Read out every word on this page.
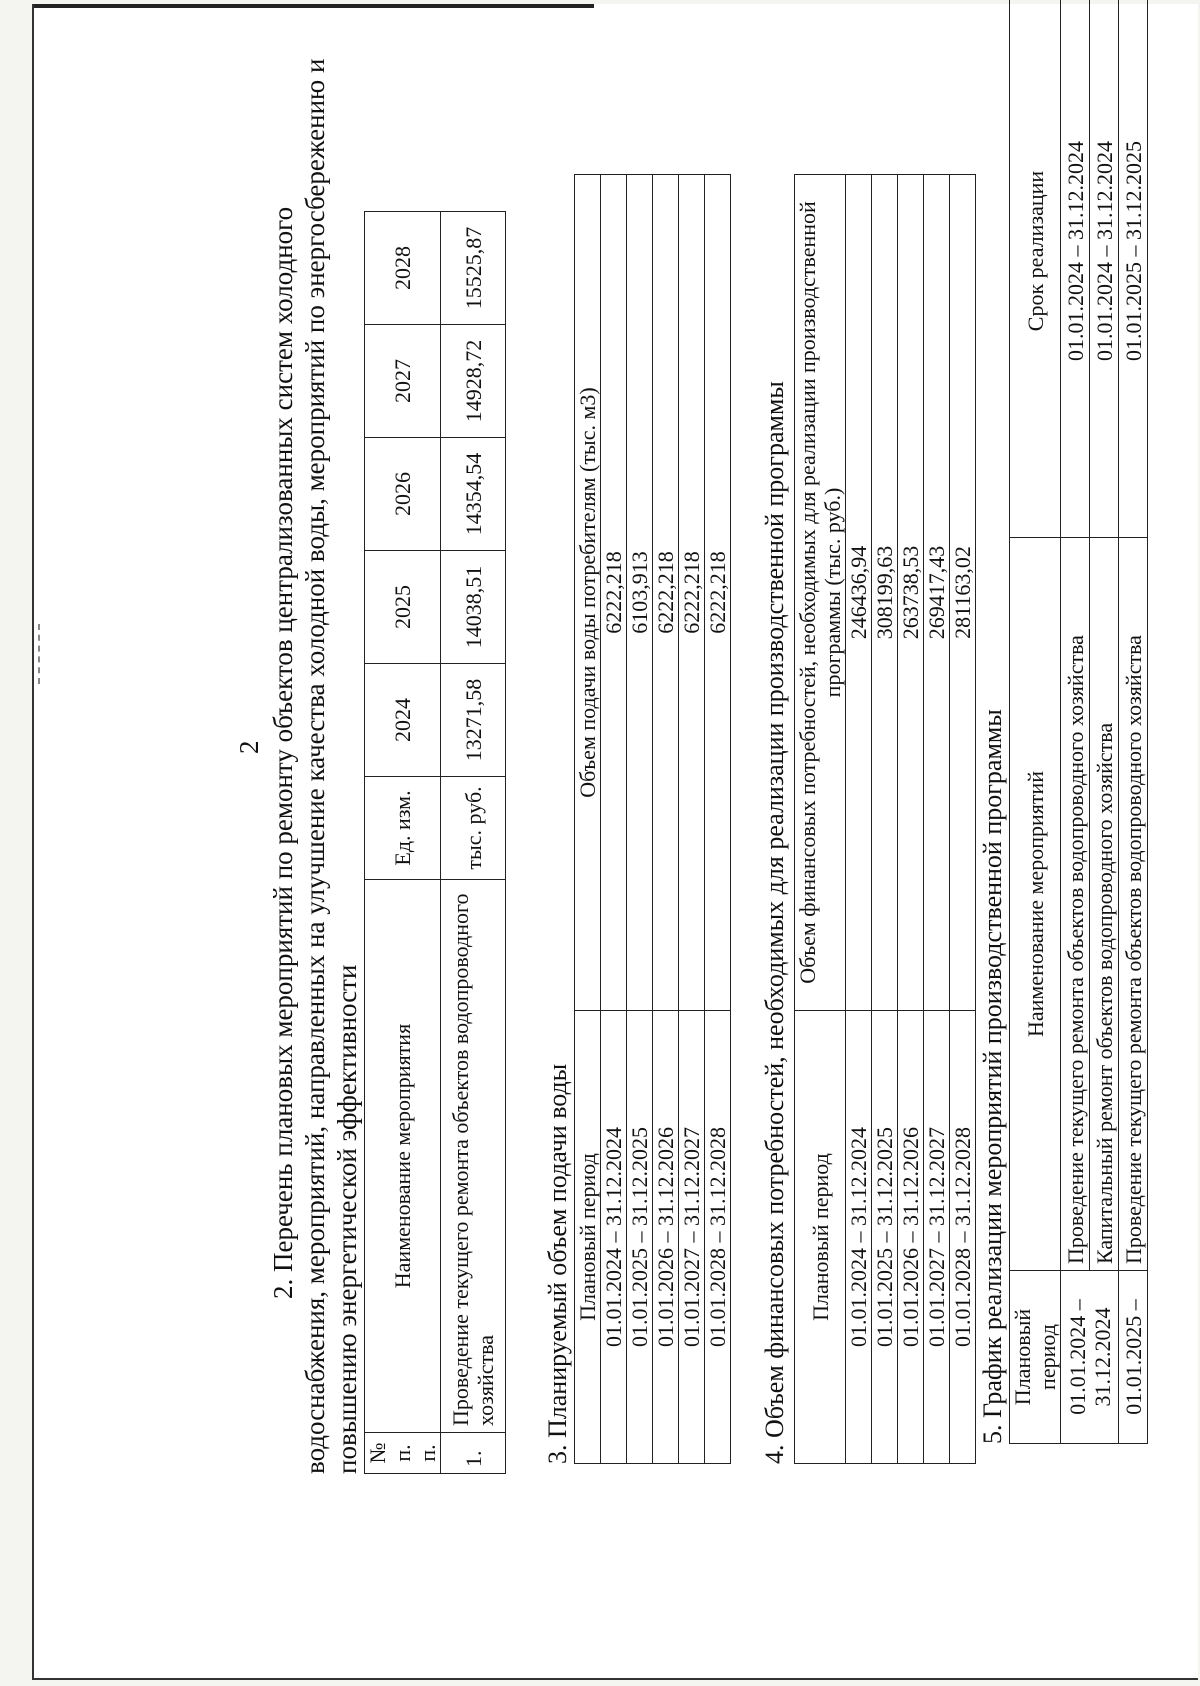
2 2. Перечень плановых мероприятий по ремонту объектов централизованных систем холодного водоснабжения, мероприятий, направленных на улучшение качества холодной воды, мероприятий по энергосбережению и повышению энергетической эффективности № п. п.	Наименование мероприятия	Ед. изм.	2024	2025	2026	2027	2028
1.	Проведение текущего ремонта объектов водопроводного хозяйства	тыс. руб.	13271,58	14038,51	14354,54	14928,72	15525,87
3. Планируемый объем подачи воды Плановый период	Объем подачи воды потребителям (тыс. м3)
01.01.2024 – 31.12.2024	6222,218
01.01.2025 – 31.12.2025	6103,913
01.01.2026 – 31.12.2026	6222,218
01.01.2027 – 31.12.2027	6222,218
01.01.2028 – 31.12.2028	6222,218 4. Объем финансовых потребностей, необходимых для реализации производственной программы Плановый период	Объем финансовых потребностей, необходимых для реализации производственной программы (тыс. руб.)
01.01.2024 – 31.12.2024	246436,94
01.01.2025 – 31.12.2025	308199,63
01.01.2026 – 31.12.2026	263738,53
01.01.2027 – 31.12.2027	269417,43
01.01.2028 – 31.12.2028	281163,02
5. График реализации мероприятий производственной программы Плановый период	Наименование мероприятий	Срок реализации
01.01.2024 – 31.12.2024	Проведение текущего ремонта объектов водопроводного хозяйства	01.01.2024 – 31.12.2024
	Капитальный ремонт объектов водопроводного хозяйства	01.01.2024 – 31.12.2024
01.01.2025 –	Проведение текущего ремонта объектов водопроводного хозяйства	01.01.2025 – 31.12.2025
